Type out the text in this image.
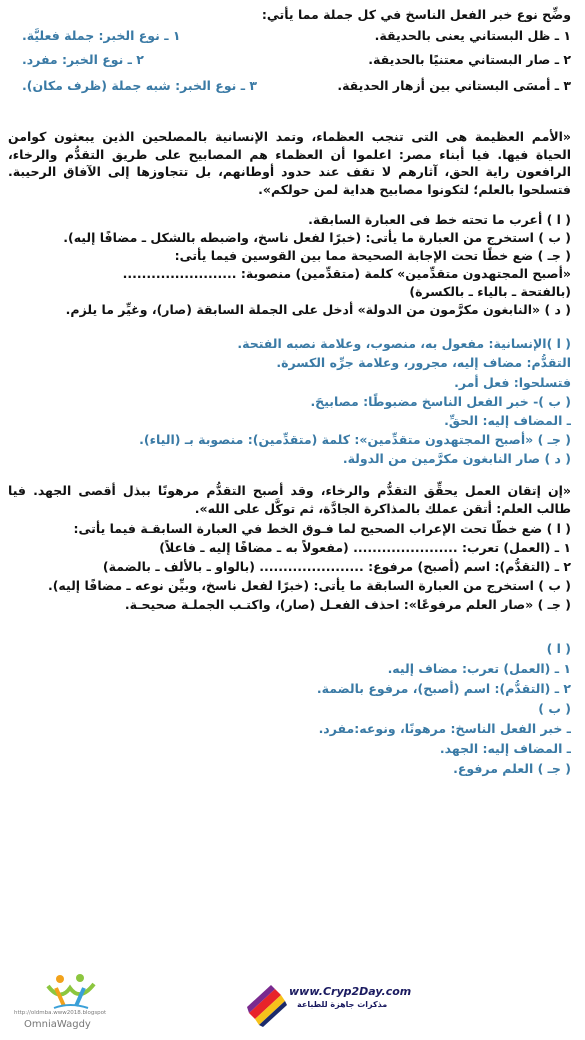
وضِّح نوع خبر الفعل الناسخ في كل جملة مما يأتي:
١ ـ ظل البستاني يعنى بالحديقة.
١ ـ نوع الخبر: جملة فعليَّة.
٢ ـ صار البستاني معتنيًا بالحديقة.
٢ ـ نوع الخبر: مفرد.
٣ ـ أمسَى البستاني بين أزهار الحديقة.
٣ ـ نوع الخبر: شبه جملة (ظرف مكان).
«الأمم العظيمة هى التى تنجب العظماء، وتمد الإنسانية بالمصلحين الذين يبعثون كوامن الحياة فيها. فيا أبناء مصر: اعلموا أن العظماء هم المصابيح على طريق التقدُّم والرخاء، الرافعون راية الحق، آثارهم لا تقف عند حدود أوطانهم، بل تتجاوزها إلى الآفاق الرحيبة. فتسلحوا بالعلم؛ لتكونوا مصابيح هداية لمن حولكم».
( ا ) أعرب ما تحته خط فى العبارة السابقة.
( ب ) استخرج من العبارة ما يأتى: (خبرًا لفعل ناسخ، واضبطه بالشكل ـ مضافًا إليه).
( جـ ) ضع خطًا تحت الإجابة الصحيحة مما بين القوسين فيما يأتى:
«أصبح المجتهدون متقدِّمين» كلمة (متقدِّمين) منصوبة: ........................
(بالفتحة ـ بالياء ـ بالكسرة)
( د ) «النابغون مكرَّمون من الدولة» أدخل على الجملة السابقة (صار)، وغيِّر ما يلزم.
( ا )الإنسانية: مفعول به، منصوب، وعلامة نصبه الفتحة.
التقدُّم: مضاف إليه، مجرور، وعلامة جرِّه الكسرة.
فتسلحوا: فعل أمر.
( ب )- خبر الفعل الناسخ مضبوطًا: مصابيحَ.
ـ المضاف إليه: الحقِّ.
( جـ ) «أصبح المجتهدون متقدِّمين»: كلمة (متقدِّمين): منصوبة بـ (الياء).
( د ) صار النابغون مكرَّمين من الدولة.
«إن إتقان العمل يحقِّق التقدُّم والرخاء، وقد أصبح التقدُّم مرهونًا ببذل أقصى الجهد. فيا طالب العلم: أتقن عملك بالمذاكرة الجادَّة، ثم توكَّل على الله».
( ا ) ضع خطًّا تحت الإعراب الصحيح لما فـوق الخط في العبارة السابقـة فيما يأتى:
١ ـ (العمل) تعرب: ...................... (مفعولاً به ـ مضافًا إليه ـ فاعلاً)
٢ ـ (التقدُّم): اسم (أصبح) مرفوع: ...................... (بالواو ـ بالألف ـ بالضمة)
( ب ) استخرج من العبارة السابقة ما يأتى: (خبرًا لفعل ناسخ، وبيِّن نوعه ـ مضافًا إليه).
( جـ ) «صار العلم مرفوعًا»: احذف الفعـل (صار)، واكتـب الجملـة صحيحـة.
( ا )
١ ـ (العمل) تعرب: مضاف إليه.
٢ ـ (التقدُّم): اسم (أصبح)، مرفوع بالضمة.
( ب )
ـ خبر الفعل الناسخ: مرهونًا، ونوعه:مفرد.
ـ المضاف إليه: الجهد.
( جـ ) العلم مرفوع.
http://oldmba.www2018.blogspot
OmniaWagdy
www.Cryp2Day.com
مذكرات جاهزة للطباعة
